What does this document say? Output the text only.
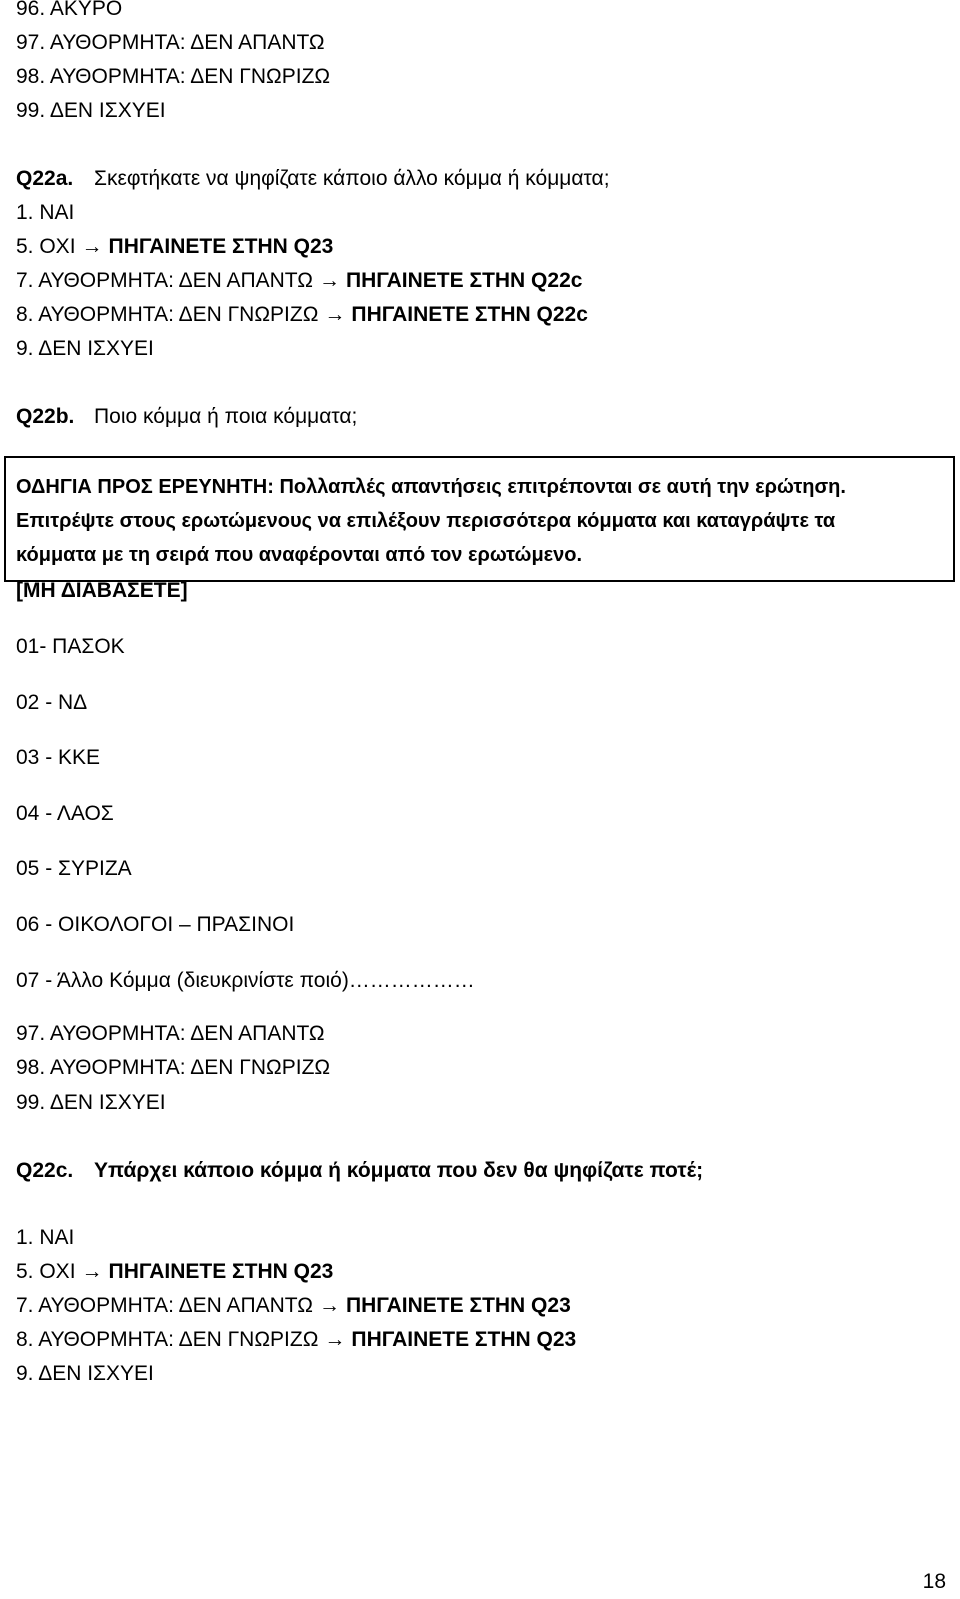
96. ΑΚΥΡΟ
97. ΑΥΘΟΡΜΗΤΑ: ΔΕΝ ΑΠΑΝΤΩ
98. ΑΥΘΟΡΜΗΤΑ: ΔΕΝ ΓΝΩΡΙΖΩ
99. ΔΕΝ ΙΣΧΥΕΙ
Q22a. Σκεφτήκατε να ψηφίζατε κάποιο άλλο κόμμα ή κόμματα;
1. ΝΑΙ
5. ΟΧΙ → ΠΗΓΑΙΝΕΤΕ ΣΤΗΝ Q23
7. ΑΥΘΟΡΜΗΤΑ: ΔΕΝ ΑΠΑΝΤΩ → ΠΗΓΑΙΝΕΤΕ ΣΤΗΝ Q22c
8. ΑΥΘΟΡΜΗΤΑ: ΔΕΝ ΓΝΩΡΙΖΩ → ΠΗΓΑΙΝΕΤΕ ΣΤΗΝ Q22c
9. ΔΕΝ ΙΣΧΥΕΙ
Q22b. Ποιο κόμμα ή ποια κόμματα;
ΟΔΗΓΙΑ ΠΡΟΣ ΕΡΕΥΝΗΤΗ: Πολλαπλές απαντήσεις επιτρέπονται σε αυτή την ερώτηση.
Επιτρέψτε στους ερωτώμενους να επιλέξουν περισσότερα κόμματα και καταγράψτε τα
κόμματα με τη σειρά που αναφέρονται από τον ερωτώμενο.
[ΜΗ ΔΙΑΒΑΣΕΤΕ]
01- ΠΑΣΟΚ
02 - ΝΔ
03 - ΚΚΕ
04 - ΛΑΟΣ
05 - ΣΥΡΙΖΑ
06 - ΟΙΚΟΛΟΓΟΙ – ΠΡΑΣΙΝΟΙ
07 - Άλλο Κόμμα (διευκρινίστε ποιό)………………
97. ΑΥΘΟΡΜΗΤΑ: ΔΕΝ ΑΠΑΝΤΩ
98. ΑΥΘΟΡΜΗΤΑ: ΔΕΝ ΓΝΩΡΙΖΩ
99. ΔΕΝ ΙΣΧΥΕΙ
Q22c. Υπάρχει κάποιο κόμμα ή κόμματα που δεν θα ψηφίζατε ποτέ;
1. ΝΑΙ
5. ΟΧΙ → ΠΗΓΑΙΝΕΤΕ ΣΤΗΝ Q23
7. ΑΥΘΟΡΜΗΤΑ: ΔΕΝ ΑΠΑΝΤΩ → ΠΗΓΑΙΝΕΤΕ ΣΤΗΝ Q23
8. ΑΥΘΟΡΜΗΤΑ: ΔΕΝ ΓΝΩΡΙΖΩ → ΠΗΓΑΙΝΕΤΕ ΣΤΗΝ Q23
9. ΔΕΝ ΙΣΧΥΕΙ
18
